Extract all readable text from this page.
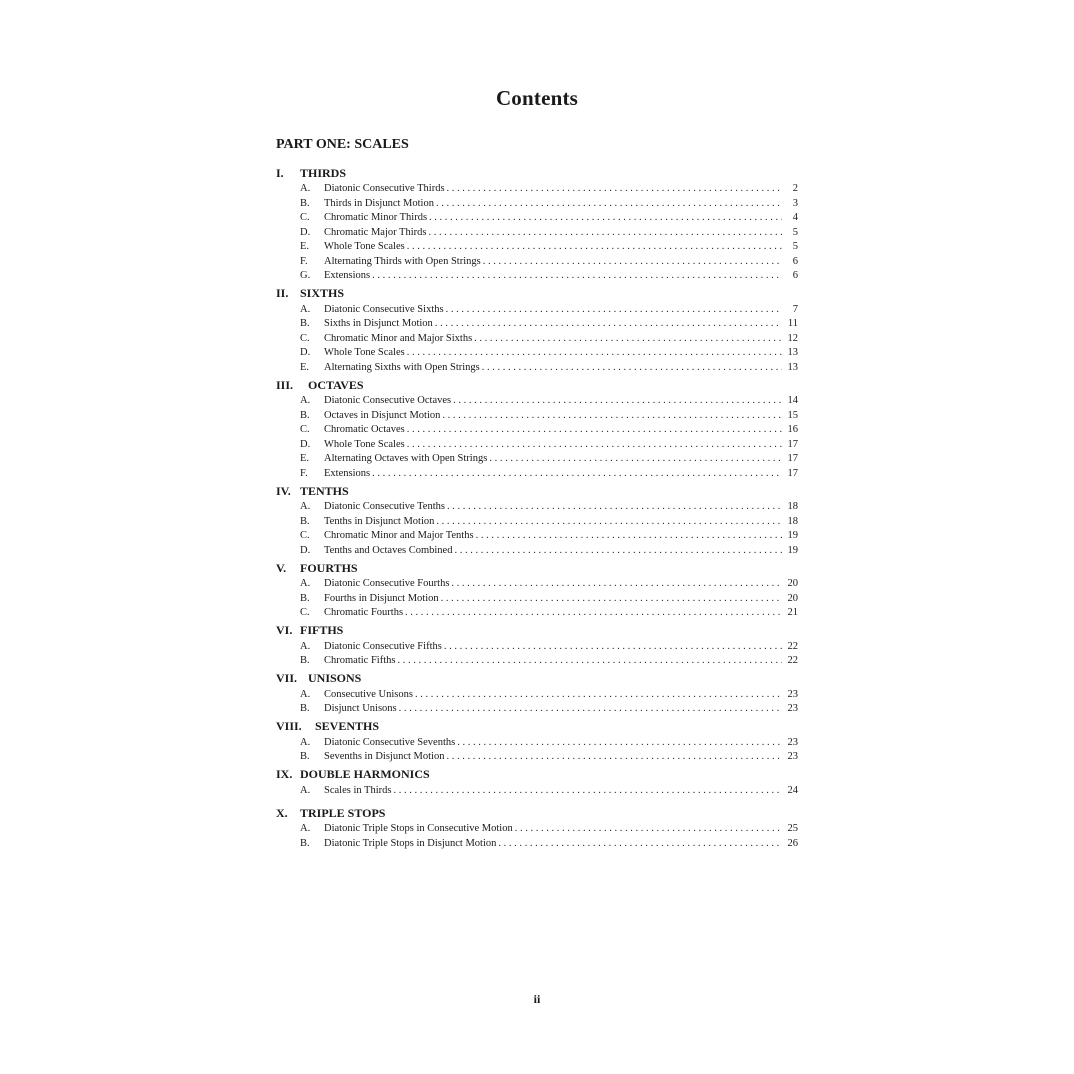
Contents
PART ONE: SCALES
I.	THIRDS
A.	Diatonic Consecutive Thirds . . .	2
B.	Thirds in Disjunct Motion . . .	3
C.	Chromatic Minor Thirds . . .	4
D.	Chromatic Major Thirds . . .	5
E.	Whole Tone Scales . . .	5
F.	Alternating Thirds with Open Strings . . .	6
G.	Extensions . . .	6
II. SIXTHS
A.	Diatonic Consecutive Sixths . . .	7
B.	Sixths in Disjunct Motion . . .	11
C.	Chromatic Minor and Major Sixths . . .	12
D.	Whole Tone Scales . . .	13
E.	Alternating Sixths with Open Strings . . .	13
III.	OCTAVES
A.	Diatonic Consecutive Octaves . . .	14
B.	Octaves in Disjunct Motion . . .	15
C.	Chromatic Octaves . . .	16
D.	Whole Tone Scales . . .	17
E.	Alternating Octaves with Open Strings . . .	17
F.	Extensions . . .	17
IV. TENTHS
A.	Diatonic Consecutive Tenths . . .	18
B.	Tenths in Disjunct Motion . . .	18
C.	Chromatic Minor and Major Tenths . . .	19
D.	Tenths and Octaves Combined . . .	19
V.	FOURTHS
A.	Diatonic Consecutive Fourths . . .	20
B.	Fourths in Disjunct Motion . . .	20
C.	Chromatic Fourths . . .	21
VI. FIFTHS
A.	Diatonic Consecutive Fifths . . .	22
B.	Chromatic Fifths . . .	22
VII. UNISONS
A.	Consecutive Unisons . . .	23
B.	Disjunct Unisons . . .	23
VIII.	SEVENTHS
A.	Diatonic Consecutive Sevenths . . .	23
B.	Sevenths in Disjunct Motion . . .	23
IX. DOUBLE HARMONICS
A.	Scales in Thirds . . .	24
X.	TRIPLE STOPS
A.	Diatonic Triple Stops in Consecutive Motion . . .	25
B.	Diatonic Triple Stops in Disjunct Motion . . .	26
ii
